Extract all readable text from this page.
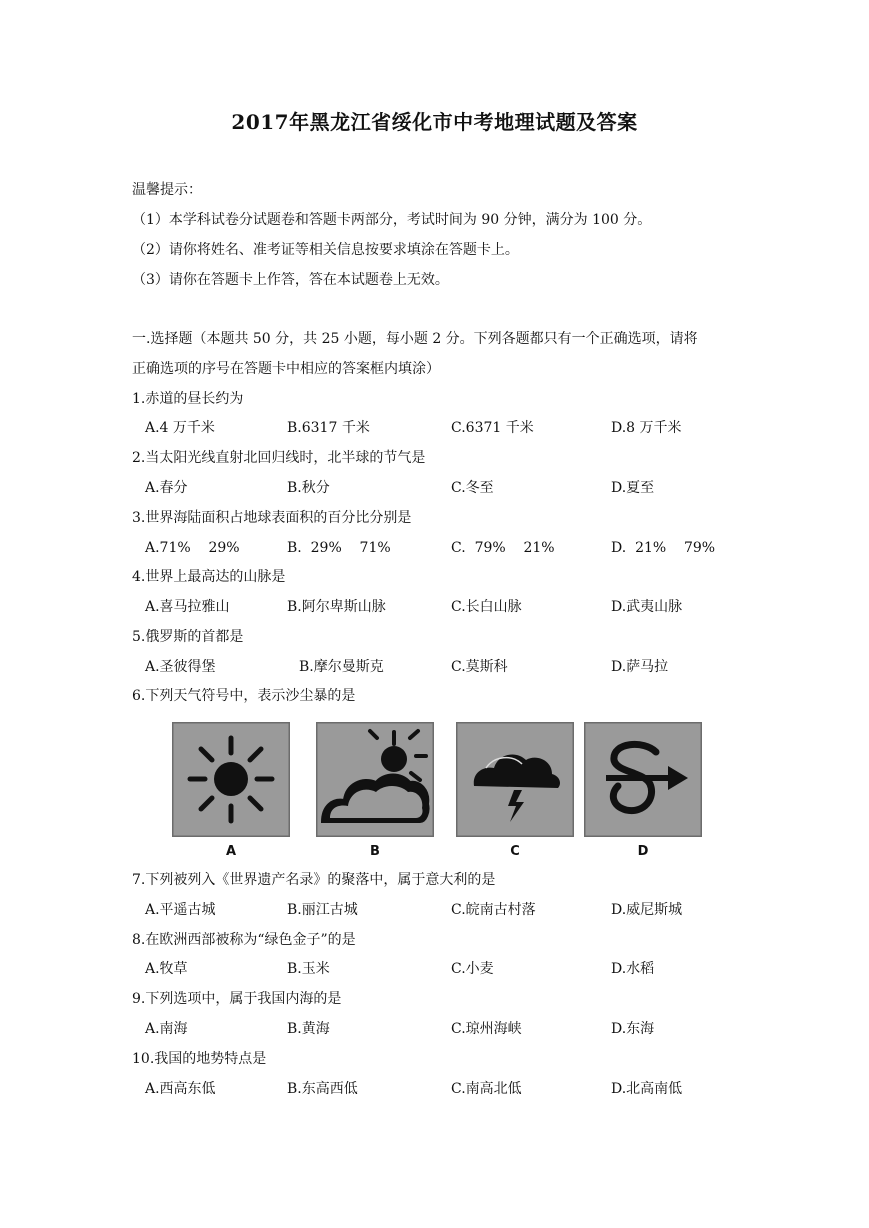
2017年黑龙江省绥化市中考地理试题及答案
温馨提示：
（1）本学科试卷分试题卷和答题卡两部分，考试时间为 90 分钟，满分为 100 分。
（2）请你将姓名、准考证等相关信息按要求填涂在答题卡上。
（3）请你在答题卡上作答，答在本试题卷上无效。
一.选择题（本题共 50 分，共 25 小题，每小题 2 分。下列各题都只有一个正确选项，请将
正确选项的序号在答题卡中相应的答案框内填涂）
1.赤道的昼长约为
A.4 万千米	B.6317 千米	C.6371 千米	D.8 万千米
2.当太阳光线直射北回归线时，北半球的节气是
A.春分	B.秋分	C.冬至	D.夏至
3.世界海陆面积占地球表面积的百分比分别是
A.71%    29%	B.  29%    71%	C.  79%    21%	D.  21%    79%
4.世界上最高达的山脉是
A.喜马拉雅山	B.阿尔卑斯山脉	C.长白山脉	D.武夷山脉
5.俄罗斯的首都是
A.圣彼得堡	B.摩尔曼斯克	C.莫斯科	D.萨马拉
6.下列天气符号中，表示沙尘暴的是
A	B	C	D
7.下列被列入《世界遗产名录》的聚落中，属于意大利的是
A.平遥古城	B.丽江古城	C.皖南古村落	D.威尼斯城
8.在欧洲西部被称为“绿色金子”的是
A.牧草	B.玉米	C.小麦	D.水稻
9.下列选项中，属于我国内海的是
A.南海	B.黄海	C.琼州海峡	D.东海
10.我国的地势特点是
A.西高东低	B.东高西低	C.南高北低	D.北高南低
